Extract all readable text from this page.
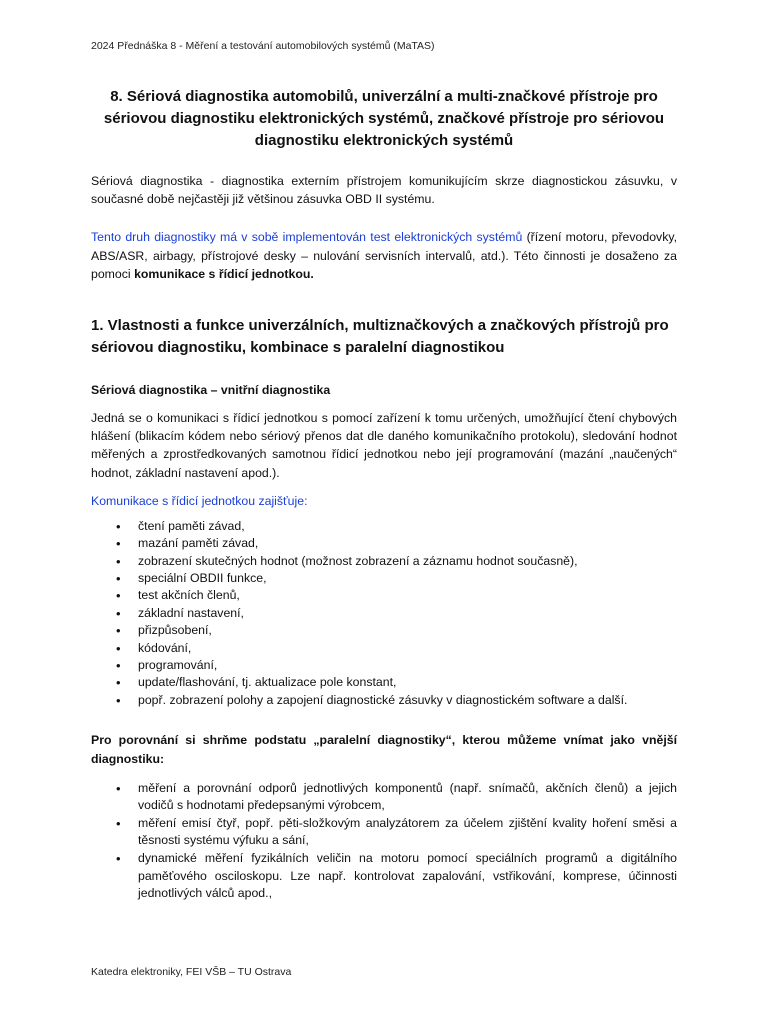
2024 Přednáška 8 - Měření a testování automobilových systémů (MaTAS)
8. Sériová diagnostika automobilů, univerzální a multi-značkové přístroje pro sériovou diagnostiku elektronických systémů, značkové přístroje pro sériovou diagnostiku elektronických systémů

Sériová diagnostika - diagnostika externím přístrojem komunikujícím skrze diagnostickou zásuvku, v současné době nejčastěji již většinou zásuvka OBD II systému.

Tento druh diagnostiky má v sobě implementován test elektronických systémů (řízení motoru, převodovky, ABS/ASR, airbagy, přístrojové desky – nulování servisních intervalů, atd.). Této činnosti je dosaženo za pomoci komunikace s řídicí jednotkou.

1. Vlastnosti a funkce univerzálních, multiznačkových a značkových přístrojů pro sériovou diagnostiku, kombinace s paralelní diagnostikou
Sériová diagnostika – vnitřní diagnostika

Jedná se o komunikaci s řídicí jednotkou s pomocí zařízení k tomu určených, umožňující čtení chybových hlášení (blikacím kódem nebo sériový přenos dat dle daného komunikačního protokolu), sledování hodnot měřených a zprostředkovaných samotnou řídicí jednotkou nebo její programování (mazání „naučených“ hodnot, základní nastavení apod.).

Komunikace s řídicí jednotkou zajišťuje:
• čtení paměti závad,
• mazání paměti závad,
• zobrazení skutečných hodnot (možnost zobrazení a záznamu hodnot současně),
• speciální OBDII funkce,
• test akčních členů,
• základní nastavení,
• přizpůsobení,
• kódování,
• programování,
• update/flashování, tj. aktualizace pole konstant,
• popř. zobrazení polohy a zapojení diagnostické zásuvky v diagnostickém software a další.

Pro porovnání si shrňme podstatu „paralelní diagnostiky“, kterou můžeme vnímat jako vnější diagnostiku:

• měření a porovnání odporů jednotlivých komponentů (např. snímačů, akčních členů) a jejich vodičů s hodnotami předepsanými výrobcem,
• měření emisí čtyř, popř. pěti-složkovým analyzátorem za účelem zjištění kvality hoření směsi a těsnosti systému výfuku a sání,
• dynamické měření fyzikálních veličin na motoru pomocí speciálních programů a digitálního paměťového osciloskopu. Lze např. kontrolovat zapalování, vstřikování, komprese, účinnosti jednotlivých válců apod.,
Katedra elektroniky, FEI VŠB – TU Ostrava
